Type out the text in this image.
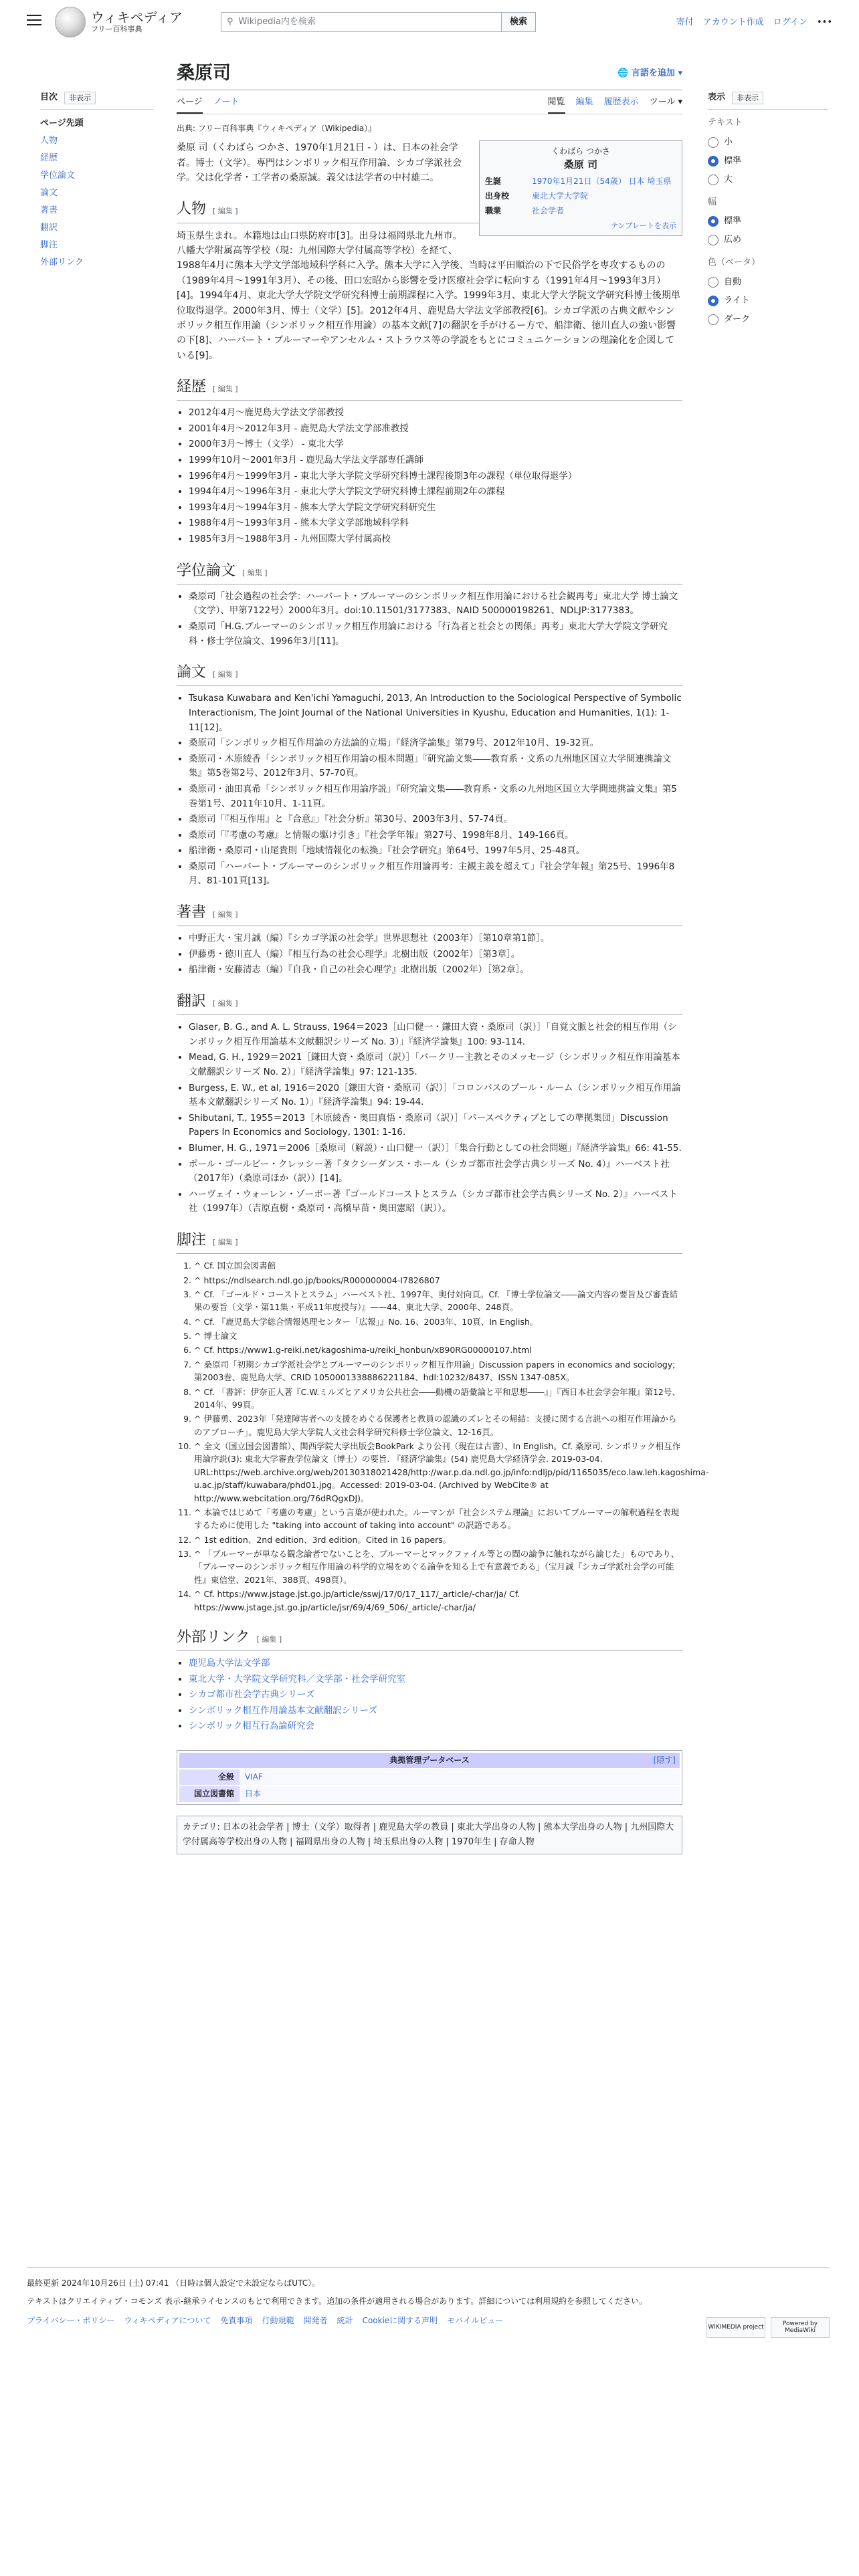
ウィキペディア
フリー百科事典
⚲ Wikipedia内を検索	検索	寄付 アカウント作成 ログイン •••
目次	非表示
ページ先頭
人物
経歴
学位論文
論文
著書
翻訳
脚注
外部リンク
表示	非表示
テキスト
小
標準
大
幅
標準
広め
色（ベータ）
自動
ライト
ダーク
桑原司	🌐 言語を追加 ▾
ページ ノート	閲覧 編集 履歴表示 ツール ▾
出典: フリー百科事典『ウィキペディア（Wikipedia）』
くわばら つかさ
桑原 司
生誕	1970年1月21日（54歳） 日本 埼玉県
出身校	東北大学大学院
職業	社会学者
テンプレートを表示

桑原 司（くわばら つかさ、1970年1月21日 - ）は、日本の社会学者。博士（文学）。専門はシンボリック相互作用論、シカゴ学派社会学。父は化学者・工学者の桑原誠。義父は法学者の中村雄二。

人物 [ 編集 ]

埼玉県生まれ。本籍地は山口県防府市[3]。出身は福岡県北九州市。八幡大学附属高等学校（現：九州国際大学付属高等学校）を経て、1988年4月に熊本大学文学部地域科学科に入学。熊本大学に入学後、当時は平田順治の下で民俗学を専攻するものの（1989年4月～1991年3月）、その後、田口宏昭から影響を受け医療社会学に転向する（1991年4月～1993年3月）[4]。1994年4月、東北大学大学院文学研究科博士前期課程に入学。1999年3月、東北大学大学院文学研究科博士後期単位取得退学。2000年3月、博士（文学）[5]。2012年4月、鹿児島大学法文学部教授[6]。シカゴ学派の古典文献やシンボリック相互作用論（シンボリック相互作用論）の基本文献[7]の翻訳を手がけるー方で、船津衛、徳川直人の強い影響の下[8]、ハーバート・ブルーマーやアンセルム・ストラウス等の学説をもとにコミュニケーションの理論化を企図している[9]。

経歴 [ 編集 ]
• 2012年4月～鹿児島大学法文学部教授
• 2001年4月～2012年3月 - 鹿児島大学法文学部准教授
• 2000年3月～博士（文学） - 東北大学
• 1999年10月～2001年3月 - 鹿児島大学法文学部専任講師
• 1996年4月～1999年3月 - 東北大学大学院文学研究科博士課程後期3年の課程（単位取得退学）
• 1994年4月～1996年3月 - 東北大学大学院文学研究科博士課程前期2年の課程
• 1993年4月～1994年3月 - 熊本大学大学院文学研究科研究生
• 1988年4月～1993年3月 - 熊本大学文学部地域科学科
• 1985年3月～1988年3月 - 九州国際大学付属高校
学位論文 [ 編集 ]
• 桑原司「社会過程の社会学：ハーバート・ブルーマーのシンボリック相互作用論における社会観再考」東北大学 博士論文（文学）、甲第7122号）2000年3月。doi:10.11501/3177383、NAID 500000198261、NDLJP:3177383。
• 桑原司「H.G.ブルーマーのシンボリック相互作用論における「行為者と社会との関係」再考」東北大学大学院文学研究科・修士学位論文、1996年3月[11]。
論文 [ 編集 ]
• Tsukasa Kuwabara and Ken'ichi Yamaguchi, 2013, An Introduction to the Sociological Perspective of Symbolic Interactionism, The Joint Journal of the National Universities in Kyushu, Education and Humanities, 1(1): 1-11[12]。
• 桑原司「シンボリック相互作用論の方法論的立場」『経済学論集』第79号、2012年10月、19-32頁。
• 桑原司・木原綾香「シンボリック相互作用論の根本問題」『研究論文集――教育系・文系の九州地区国立大学間連携論文集』第5巻第2号、2012年3月、57-70頁。
• 桑原司・油田真希「シンボリック相互作用論序説」『研究論文集――教育系・文系の九州地区国立大学間連携論文集』第5巻第1号、2011年10月、1-11頁。
• 桑原司「『相互作用』と『合意』」『社会分析』第30号、2003年3月、57-74頁。
• 桑原司「『考慮の考慮』と情報の駆け引き」『社会学年報』第27号、1998年8月、149-166頁。
• 船津衛・桑原司・山尾貴則「地域情報化の転換」『社会学研究』第64号、1997年5月、25-48頁。
• 桑原司「ハーバート・ブルーマーのシンボリック相互作用論再考：主観主義を超えて」『社会学年報』第25号、1996年8月、81-101頁[13]。
著書 [ 編集 ]
• 中野正大・宝月誠（編）『シカゴ学派の社会学』世界思想社（2003年）［第10章第1節］。
• 伊藤勇・徳川直人（編）『相互行為の社会心理学』北樹出版（2002年）［第3章］。
• 船津衛・安藤清志（編）『自我・自己の社会心理学』北樹出版（2002年）［第2章］。
翻訳 [ 編集 ]
• Glaser, B. G., and A. L. Strauss, 1964＝2023［山口健一・鎌田大資・桑原司（訳）］「自覚文脈と社会的相互作用（シンボリック相互作用論基本文献翻訳シリーズ No. 3）」『経済学論集』100: 93-114.
• Mead, G. H., 1929＝2021［鎌田大資・桑原司（訳）］「バークリー主教とそのメッセージ（シンボリック相互作用論基本文献翻訳シリーズ No. 2）」『経済学論集』97: 121-135.
• Burgess, E. W., et al, 1916＝2020［鎌田大資・桑原司（訳）］「コロンバスのプール・ルーム（シンボリック相互作用論基本文献翻訳シリーズ No. 1）」『経済学論集』94: 19-44.
• Shibutani, T., 1955＝2013［木原綾香・奥田真悟・桑原司（訳）］「パースペクティブとしての準拠集団」Discussion Papers In Economics and Sociology, 1301: 1-16.
• Blumer, H. G., 1971＝2006［桑原司（解説）・山口健一（訳）］「集合行動としての社会問題」『経済学論集』66: 41-55.
• ポール・ゴールビー・クレッシー著『タクシーダンス・ホール（シカゴ都市社会学古典シリーズ No. 4）』ハーベスト社（2017年）（桑原司ほか（訳））[14]。
• ハーヴェイ・ウォーレン・ゾーボー著『ゴールドコーストとスラム（シカゴ都市社会学古典シリーズ No. 2）』ハーベスト社（1997年）（吉原直樹・桑原司・高橋早苗・奥田憲昭（訳））。
脚注 [ 編集 ]
1. ^ Cf. 国立国会図書館
2. ^ https://ndlsearch.ndl.go.jp/books/R000000004-I7826807
3. ^ Cf. 「ゴールド・コーストとスラム」ハーベスト社、1997年、奥付対向頁。Cf. 『博士学位論文――論文内容の要旨及び審査結果の要旨（文学・第11集・平成11年度授与）』——44、東北大学、2000年、248頁。
4. ^ Cf. 『鹿児島大学総合情報処理センター「広報」』No. 16、2003年、10頁、In English。
5. ^ 博士論文
6. ^ Cf. https://www1.g-reiki.net/kagoshima-u/reiki_honbun/x890RG00000107.html
7. ^ 桑原司「初期シカゴ学派社会学とブルーマーのシンボリック相互作用論」Discussion papers in economics and sociology; 第2003巻、鹿児島大学、CRID 1050001338886221184、hdl:10232/8437、ISSN 1347-085X。
8. ^ Cf. 「書評：伊奈正人著『C.W.ミルズとアメリカ公共社会――動機の語彙論と平和思想――』」『西日本社会学会年報』第12号、2014年、99頁。
9. ^ 伊藤勇、2023年「発達障害者への支援をめぐる保護者と教員の認識のズレとその帰結：支援に関する言説への相互作用論からのアプローチ」。鹿児島大学大学院人文社会科学研究科修士学位論文、12-16頁。
10. ^ 全文（国立国会図書館）、関西学院大学出版会BookPark より公刊（現在は古書）、In English。Cf. 桑原司. シンボリック相互作用論序説(3): 東北大学審査学位論文（博士）の要旨. 『経済学論集』(54) 鹿児島大学経済学会. 2019-03-04. URL:https://web.archive.org/web/20130318021428/http://war.p.da.ndl.go.jp/info:ndljp/pid/1165035/eco.law.leh.kagoshima-u.ac.jp/staff/kuwabara/phd01.jpg。Accessed: 2019-03-04. (Archived by WebCite® at http://www.webcitation.org/76dRQgxDJ)。
11. ^ 本論ではじめて「考慮の考慮」という言葉が使われた。ルーマンが『社会システム理論』においてブルーマーの解釈過程を表現するために使用した "taking into account of taking into account" の訳語である。
12. ^ 1st edition、2nd edition、3rd edition。Cited in 16 papers。
13. ^ 「ブルーマーが単なる観念論者でないことを、ブルーマーとマックファイル等との間の論争に触れながら論じた」ものであり、「ブルーマーのシンボリック相互作用論の科学的立場をめぐる論争を知る上で有意義である」（宝月誠『シカゴ学派社会学の可能性』東信堂、2021年、388頁、498頁）。
14. ^ Cf. https://www.jstage.jst.go.jp/article/sswj/17/0/17_117/_article/-char/ja/ Cf. https://www.jstage.jst.go.jp/article/jsr/69/4/69_506/_article/-char/ja/
外部リンク [ 編集 ]
• 鹿児島大学法文学部
• 東北大学・大学院文学研究科／文学部・社会学研究室
• シカゴ都市社会学古典シリーズ
• シンボリック相互作用論基本文献翻訳シリーズ
• シンボリック相互行為論研究会
典拠管理データベース	[隠す]
全般	VIAF
国立図書館	日本
カテゴリ: 日本の社会学者 | 博士（文学）取得者 | 鹿児島大学の教員 | 東北大学出身の人物 | 熊本大学出身の人物 | 九州国際大学付属高等学校出身の人物 | 福岡県出身の人物 | 埼玉県出身の人物 | 1970年生 | 存命人物
最終更新 2024年10月26日 (土) 07:41 （日時は個人設定で未設定ならばUTC）。
テキストはクリエイティブ・コモンズ 表示-継承ライセンスのもとで利用できます。追加の条件が適用される場合があります。詳細については利用規約を参照してください。
プライバシー・ポリシー ウィキペディアについて 免責事項 行動規範 開発者 統計 Cookieに関する声明 モバイルビュー
WIKIMEDIA project	Powered by MediaWiki
